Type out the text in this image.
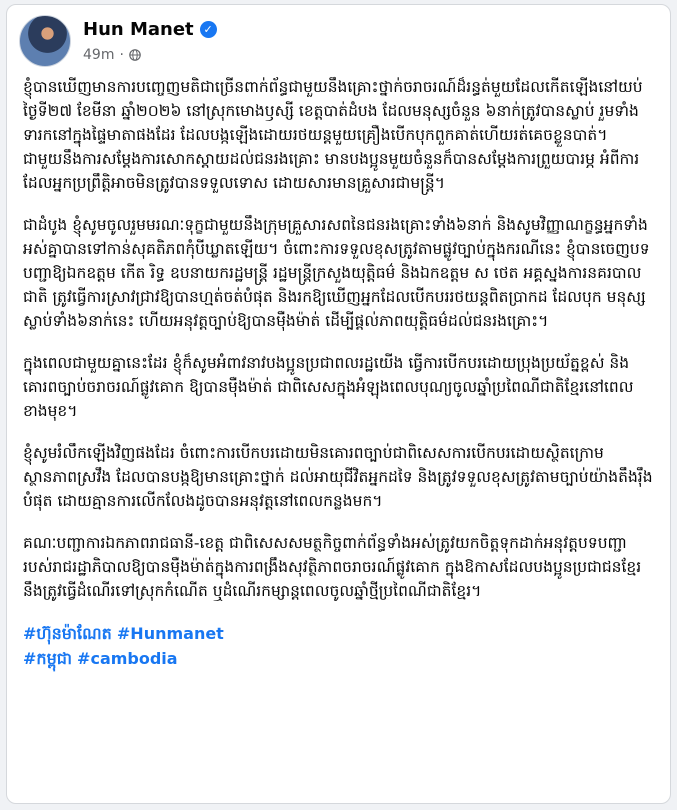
Hun Manet ✓
49m ·

ខ្ញុំបានឃើញមានការបញ្ចេញមតិជាច្រើនពាក់ព័ន្ធជាមួយនឹងគ្រោះថ្នាក់ចរាចរណ៍ដ៏រន្ធត់មួយដែលកើតឡើងនៅយប់ថ្ងៃទី២៧ ខែមីនា ឆ្នាំ២០២៦ នៅស្រុកមោងឫស្សី ខេត្តបាត់ដំបង ដែលមនុស្សចំនួន ៦នាក់ត្រូវបានស្លាប់ រួមទាំងទារកនៅក្នុងផ្ទៃមាតាផងដែរ ដែលបង្កឡើងដោយរថយន្តមួយគ្រឿងបើកបុកពួកគាត់ហើយរត់គេចខ្លួនបាត់។ ជាមួយនឹងការសម្តែងការសោកស្តាយដល់ជនរងគ្រោះ មានបងប្អូនមួយចំនួនក៏បានសម្តែងការព្រួយបារម្ភ អំពីការដែលអ្នកប្រព្រឹត្តិអាចមិនត្រូវបានទទួលទោស ដោយសារមានគ្រួសារជាមន្ត្រី។

ជាដំបូង ខ្ញុំសូមចូលរួមមរណៈទុក្ខជាមួយនឹងក្រុមគ្រួសារសពនៃជនរងគ្រោះទាំង៦នាក់ និងសូមវិញ្ញាណក្ខន្ធអ្នកទាំងអស់គ្នាបានទៅកាន់សុគតិភពកុំបីឃ្លាតឡើយ។ ចំពោះការទទួលខុសត្រូវតាមផ្លូវច្បាប់ក្នុងករណីនេះ ខ្ញុំបានចេញបទបញ្ជាឱ្យឯកឧត្តម កើត រិទ្ធ ឧបនាយករដ្ឋមន្ត្រី រដ្ឋមន្ត្រីក្រសួងយុត្តិធម៌ និងឯកឧត្តម ស ថេត អគ្គស្នងការនគរបាលជាតិ ត្រូវធ្វើការស្រាវជ្រាវឱ្យបានហ្មត់ចត់បំផុត និងរកឱ្យឃើញអ្នកដែលបើកបររថយន្តពិតប្រាកដ ដែលបុក មនុស្សស្លាប់ទាំង៦នាក់នេះ ហើយអនុវត្តច្បាប់ឱ្យបានម៉ឺងម៉ាត់ ដើម្បីផ្តល់ភាពយុត្តិធម៌ដល់ជនរងគ្រោះ។

ក្នុងពេលជាមួយគ្នានេះដែរ ខ្ញុំក៏សូមអំពាវនាវបងប្អូនប្រជាពលរដ្ឋយើង ធ្វើការបើកបរដោយប្រុងប្រយ័ត្នខ្ពស់ និងគោរពច្បាប់ចរាចរណ៍ផ្លូវគោក ឱ្យបានម៉ឺងម៉ាត់ ជាពិសេសក្នុងអំឡុងពេលបុណ្យចូលឆ្នាំប្រពៃណីជាតិខ្មែរនៅពេលខាងមុខ។

ខ្ញុំសូមរំលឹកឡើងវិញផងដែរ ចំពោះការបើកបរដោយមិនគោរពច្បាប់ជាពិសេសការបើកបរដោយស្ថិតក្រោមស្ថានភាពស្រវឹង ដែលបានបង្កឱ្យមានគ្រោះថ្នាក់ ដល់អាយុជីវិតអ្នកដទៃ និងត្រូវទទួលខុសត្រូវតាមច្បាប់យ៉ាងតឹងរ៉ឹងបំផុត ដោយគ្មានការលើកលែងដូចបានអនុវត្តនៅពេលកន្លងមក។

គណៈបញ្ជាការឯកភាពរាជធានី-ខេត្ត ជាពិសេសសមត្ថកិច្ចពាក់ព័ន្ធទាំងអស់ត្រូវយកចិត្តទុកដាក់អនុវត្តបទបញ្ជារបស់រាជរដ្ឋាភិបាលឱ្យបានម៉ឺងម៉ាត់ក្នុងការពង្រឹងសុវត្ថិភាពចរាចរណ៍ផ្លូវគោក ក្នុងឱកាសដែលបងប្អូនប្រជាជនខ្មែរនឹងត្រូវធ្វើដំណើរទៅស្រុកកំណើត ឬដំណើរកម្សាន្តពេលចូលឆ្នាំថ្មីប្រពៃណីជាតិខ្មែរ។

#ហ៊ុនម៉ាណែត #Hunmanet
#កម្ពុជា #cambodia
